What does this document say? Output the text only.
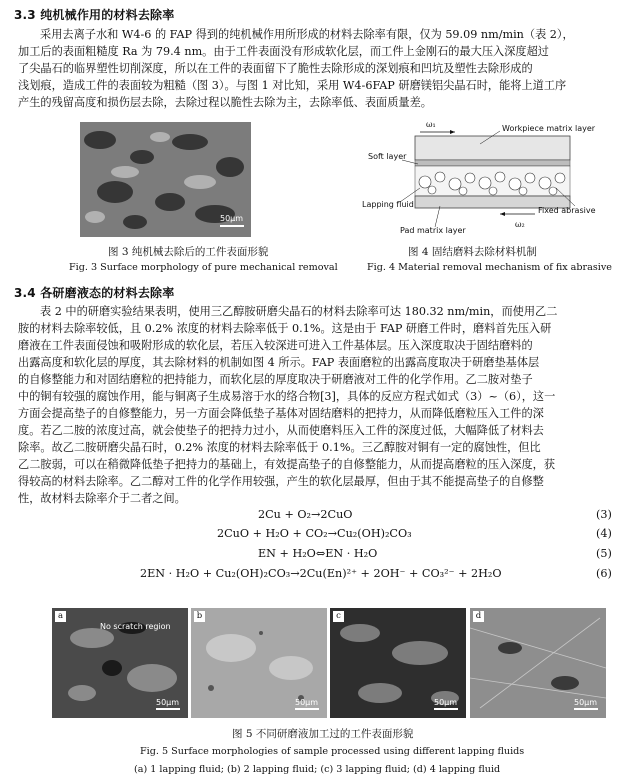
3.3 纯机械作用的材料去除率
采用去离子水和 W4-6 的 FAP 得到的纯机械作用所形成的材料去除率有限，仅为 59.09 nm/min（表 2），
加工后的表面粗糙度 Ra 为 79.4 nm。由于工件表面没有形成软化层，而工件上金刚石的最大压入深度超过
了尖晶石的临界塑性切削深度，所以在工件的表面留下了脆性去除形成的深划痕和凹坑及塑性去除形成的
浅划痕，造成工件的表面较为粗糙（图 3）。与图 1 对比知，采用 W4-6FAP 研磨镁铝尖晶石时，能将上道工序
产生的残留高度和损伤层去除，去除过程以脆性去除为主，去除率低、表面质量差。
50μm
图 3 纯机械去除后的工件表面形貌
Fig. 3 Surface morphology of pure mechanical removal
ω₁	Workpiece matrix layer
Soft layer
Lapping fluid
Fixed abrasive
Pad matrix layer
ω₂
图 4 固结磨料去除材料机制
Fig. 4 Material removal mechanism of fix abrasive
3.4 各研磨液态的材料去除率
表 2 中的研磨实验结果表明，使用三乙醇胺研磨尖晶石的材料去除率可达 180.32 nm/min，而使用乙二
胺的材料去除率较低，且 0.2% 浓度的材料去除率低于 0.1%。这是由于 FAP 研磨工件时，磨料首先压入研
磨液在工件表面侵蚀和吸附形成的软化层，若压入较深进可进入工件基体层。压入深度取决于固结磨料的
出露高度和软化层的厚度，其去除材料的机制如图 4 所示。FAP 表面磨粒的出露高度取决于研磨垫基体层
的自修整能力和对固结磨粒的把持能力，而软化层的厚度取决于研磨液对工件的化学作用。乙二胺对垫子
中的铜有较强的腐蚀作用，能与铜离子生成易溶于水的络合物[3]，具体的反应方程式如式（3）~（6），这一
方面会提高垫子的自修整能力，另一方面会降低垫子基体对固结磨料的把持力，从而降低磨粒压入工件的深
度。若乙二胺的浓度过高，就会使垫子的把持力过小，从而使磨料压入工件的深度过低，大幅降低了材料去
除率。故乙二胺研磨尖晶石时，0.2% 浓度的材料去除率低于 0.1%。三乙醇胺对铜有一定的腐蚀性，但比
乙二胺弱，可以在稍微降低垫子把持力的基础上，有效提高垫子的自修整能力，从而提高磨粒的压入深度，获
得较高的材料去除率。乙二醇对工件的化学作用较强，产生的软化层最厚，但由于其不能提高垫子的自修整
性，故材料去除率介于二者之间。
2Cu + O₂→2CuO	(3)
2CuO + H₂O + CO₂→Cu₂(OH)₂CO₃	(4)
EN + H₂O⇔EN · H₂O	(5)
2EN · H₂O + Cu₂(OH)₂CO₃→2Cu(En)²⁺ + 2OH⁻ + CO₃²⁻ + 2H₂O	(6)
a
No scratch region
50μm
b
50μm
c
50μm
d
50μm
图 5 不同研磨液加工过的工件表面形貌
Fig. 5 Surface morphologies of sample processed using different lapping fluids
(a) 1 lapping fluid; (b) 2 lapping fluid; (c) 3 lapping fluid; (d) 4 lapping fluid
